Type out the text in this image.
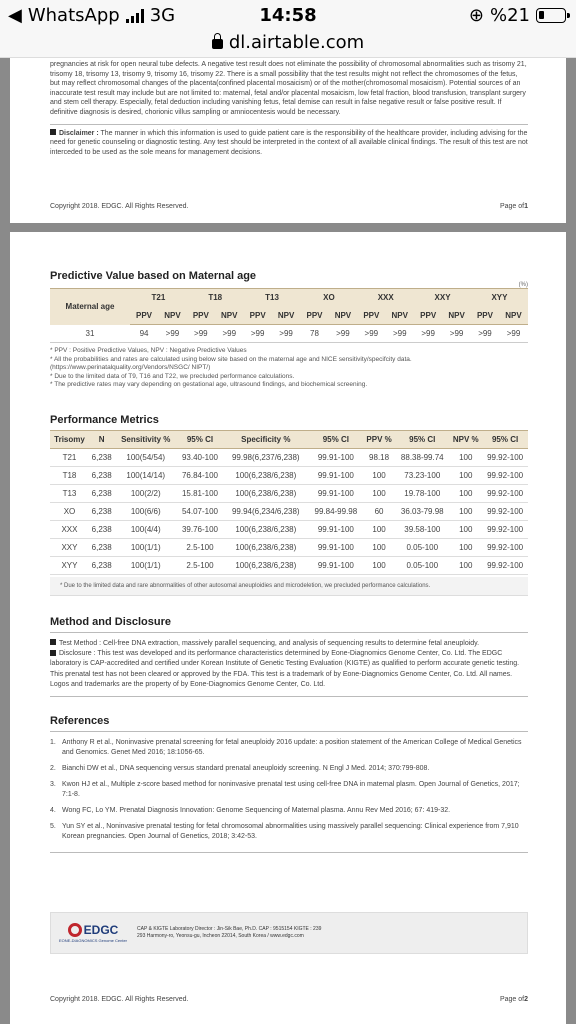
◀ WhatsApp 3G	14:58	⊕ %21
dl.airtable.com

pregnancies at risk for open neural tube defects. A negative test result does not eliminate the possibility of chromosomal abnormalities such as trisomy 21, trisomy 18, trisomy 13, trisomy 9, trisomy 16, trisomy 22. There is a small possibility that the test results might not reflect the chromosomes of the fetus, but may reflect chromosomal changes of the placenta(confined placental mosaicism) or of the mother(chromosomal mosaicism). Potential sources of an inaccurate test result may include but are not limited to: maternal, fetal and/or placental mosaicism, low fetal fraction, blood transfusion, transplant surgery and stem cell therapy. Especially, fetal deduction including vanishing fetus, fetal demise can result in false negative result or false positive result. If definitive diagnosis is desired, chorionic villus sampling or amniocentesis would be necessary.

Disclaimer : The manner in which this information is used to guide patient care is the responsibility of the healthcare provider, including advising for the need for genetic counseling or diagnostic testing. Any test should be interpreted in the context of all available clinical findings. The result of this test are not interceded to be used as the sole means for management decisions.
Copyright 2018. EDGC. All Rights Reserved.	Page of1
Predictive Value based on Maternal age
(%)
Maternal age	T21		T18		T13		XO		XXX		XXY		XYY	
	PPV	NPV	PPV	NPV	PPV	NPV	PPV	NPV	PPV	NPV	PPV	NPV	PPV	NPV
31	94	>99	>99	>99	>99	>99	78	>99	>99	>99	>99	>99	>99	>99
* PPV : Positive Predictive Values, NPV : Negative Predictive Values
* All the probabilities and rates are calculated using below site based on the maternal age and NICE sensitivity/specifcity data. (https://www.perinatalquality.org/Vendors/NSGC/ NIPT/)
* Due to the limited data of T9, T16 and T22, we precluded performance calculations.
* The predictive rates may vary depending on gestational age, ultrasound findings, and biochemical screening.
Performance Metrics
Trisomy	N	Sensitivity %	95% CI	Specificity %	95% CI	PPV %	95% CI	NPV %	95% CI
T21	6,238	100(54/54)	93.40-100	99.98(6,237/6,238)	99.91-100	98.18	88.38-99.74	100	99.92-100
T18	6,238	100(14/14)	76.84-100	100(6,238/6,238)	99.91-100	100	73.23-100	100	99.92-100
T13	6,238	100(2/2)	15.81-100	100(6,238/6,238)	99.91-100	100	19.78-100	100	99.92-100
XO	6,238	100(6/6)	54.07-100	99.94(6,234/6,238)	99.84-99.98	60	36.03-79.98	100	99.92-100
XXX	6,238	100(4/4)	39.76-100	100(6,238/6,238)	99.91-100	100	39.58-100	100	99.92-100
XXY	6,238	100(1/1)	2.5-100	100(6,238/6,238)	99.91-100	100	0.05-100	100	99.92-100
XYY	6,238	100(1/1)	2.5-100	100(6,238/6,238)	99.91-100	100	0.05-100	100	99.92-100
* Due to the limited data and rare abnormalities of other autosomal aneuploidies and microdeletion, we precluded performance calculations.
Method and Disclosure
Test Method : Cell-free DNA extraction, massively parallel sequencing, and analysis of sequencing results to determine fetal aneuploidy.
Disclosure : This test was developed and its performance characteristics determined by Eone-Diagnomics Genome Center, Co. Ltd. The EDGC laboratory is CAP-accredited and certified under Korean Institute of Genetic Testing Evaluation (KIGTE) as qualified to perform accurate genetic testing. This prenatal test has not been cleared or approved by the FDA. This test is a trademark of by Eone-Diagnomics Genome Center, Co. Ltd. All names. Logos and trademarks are the property of by Eone-Diagnomics Genome Center, Co. Ltd.
References
1. Anthony R et al., Noninvasive prenatal screening for fetal aneuploidy 2016 update: a position statement of the American College of Medical Genetics and Genomics. Genet Med 2016; 18:1056-65.
2. Bianchi DW et al., DNA sequencing versus standard prenatal aneuploidy screening. N Engl J Med. 2014; 370:799-808.
3. Kwon HJ et al., Multiple z-score based method for noninvasive prenatal test using cell-free DNA in maternal plasm. Open Journal of Genetics, 2017; 7:1-8.
4. Wong FC, Lo YM. Prenatal Diagnosis Innovation: Genome Sequencing of Maternal plasma. Annu Rev Med 2016; 67: 419-32.
5. Yun SY et al., Noninvasive prenatal testing for fetal chromosomal abnormalities using massively parallel sequencing: Clinical experience from 7,910 Korean pregnancies. Open Journal of Genetics, 2018; 3:42-53.
EDGC
EONE-DIAGNOMICS Genome Center
CAP & KIGTE Laboratory Director : Jin-Sik Bae, Ph.D. CAP : 9515154 KIGTE : 239
293 Harmony-ro, Yeonsu-gu, Incheon 22014, South Korea / www.edgc.com
Copyright 2018. EDGC. All Rights Reserved.	Page of2
